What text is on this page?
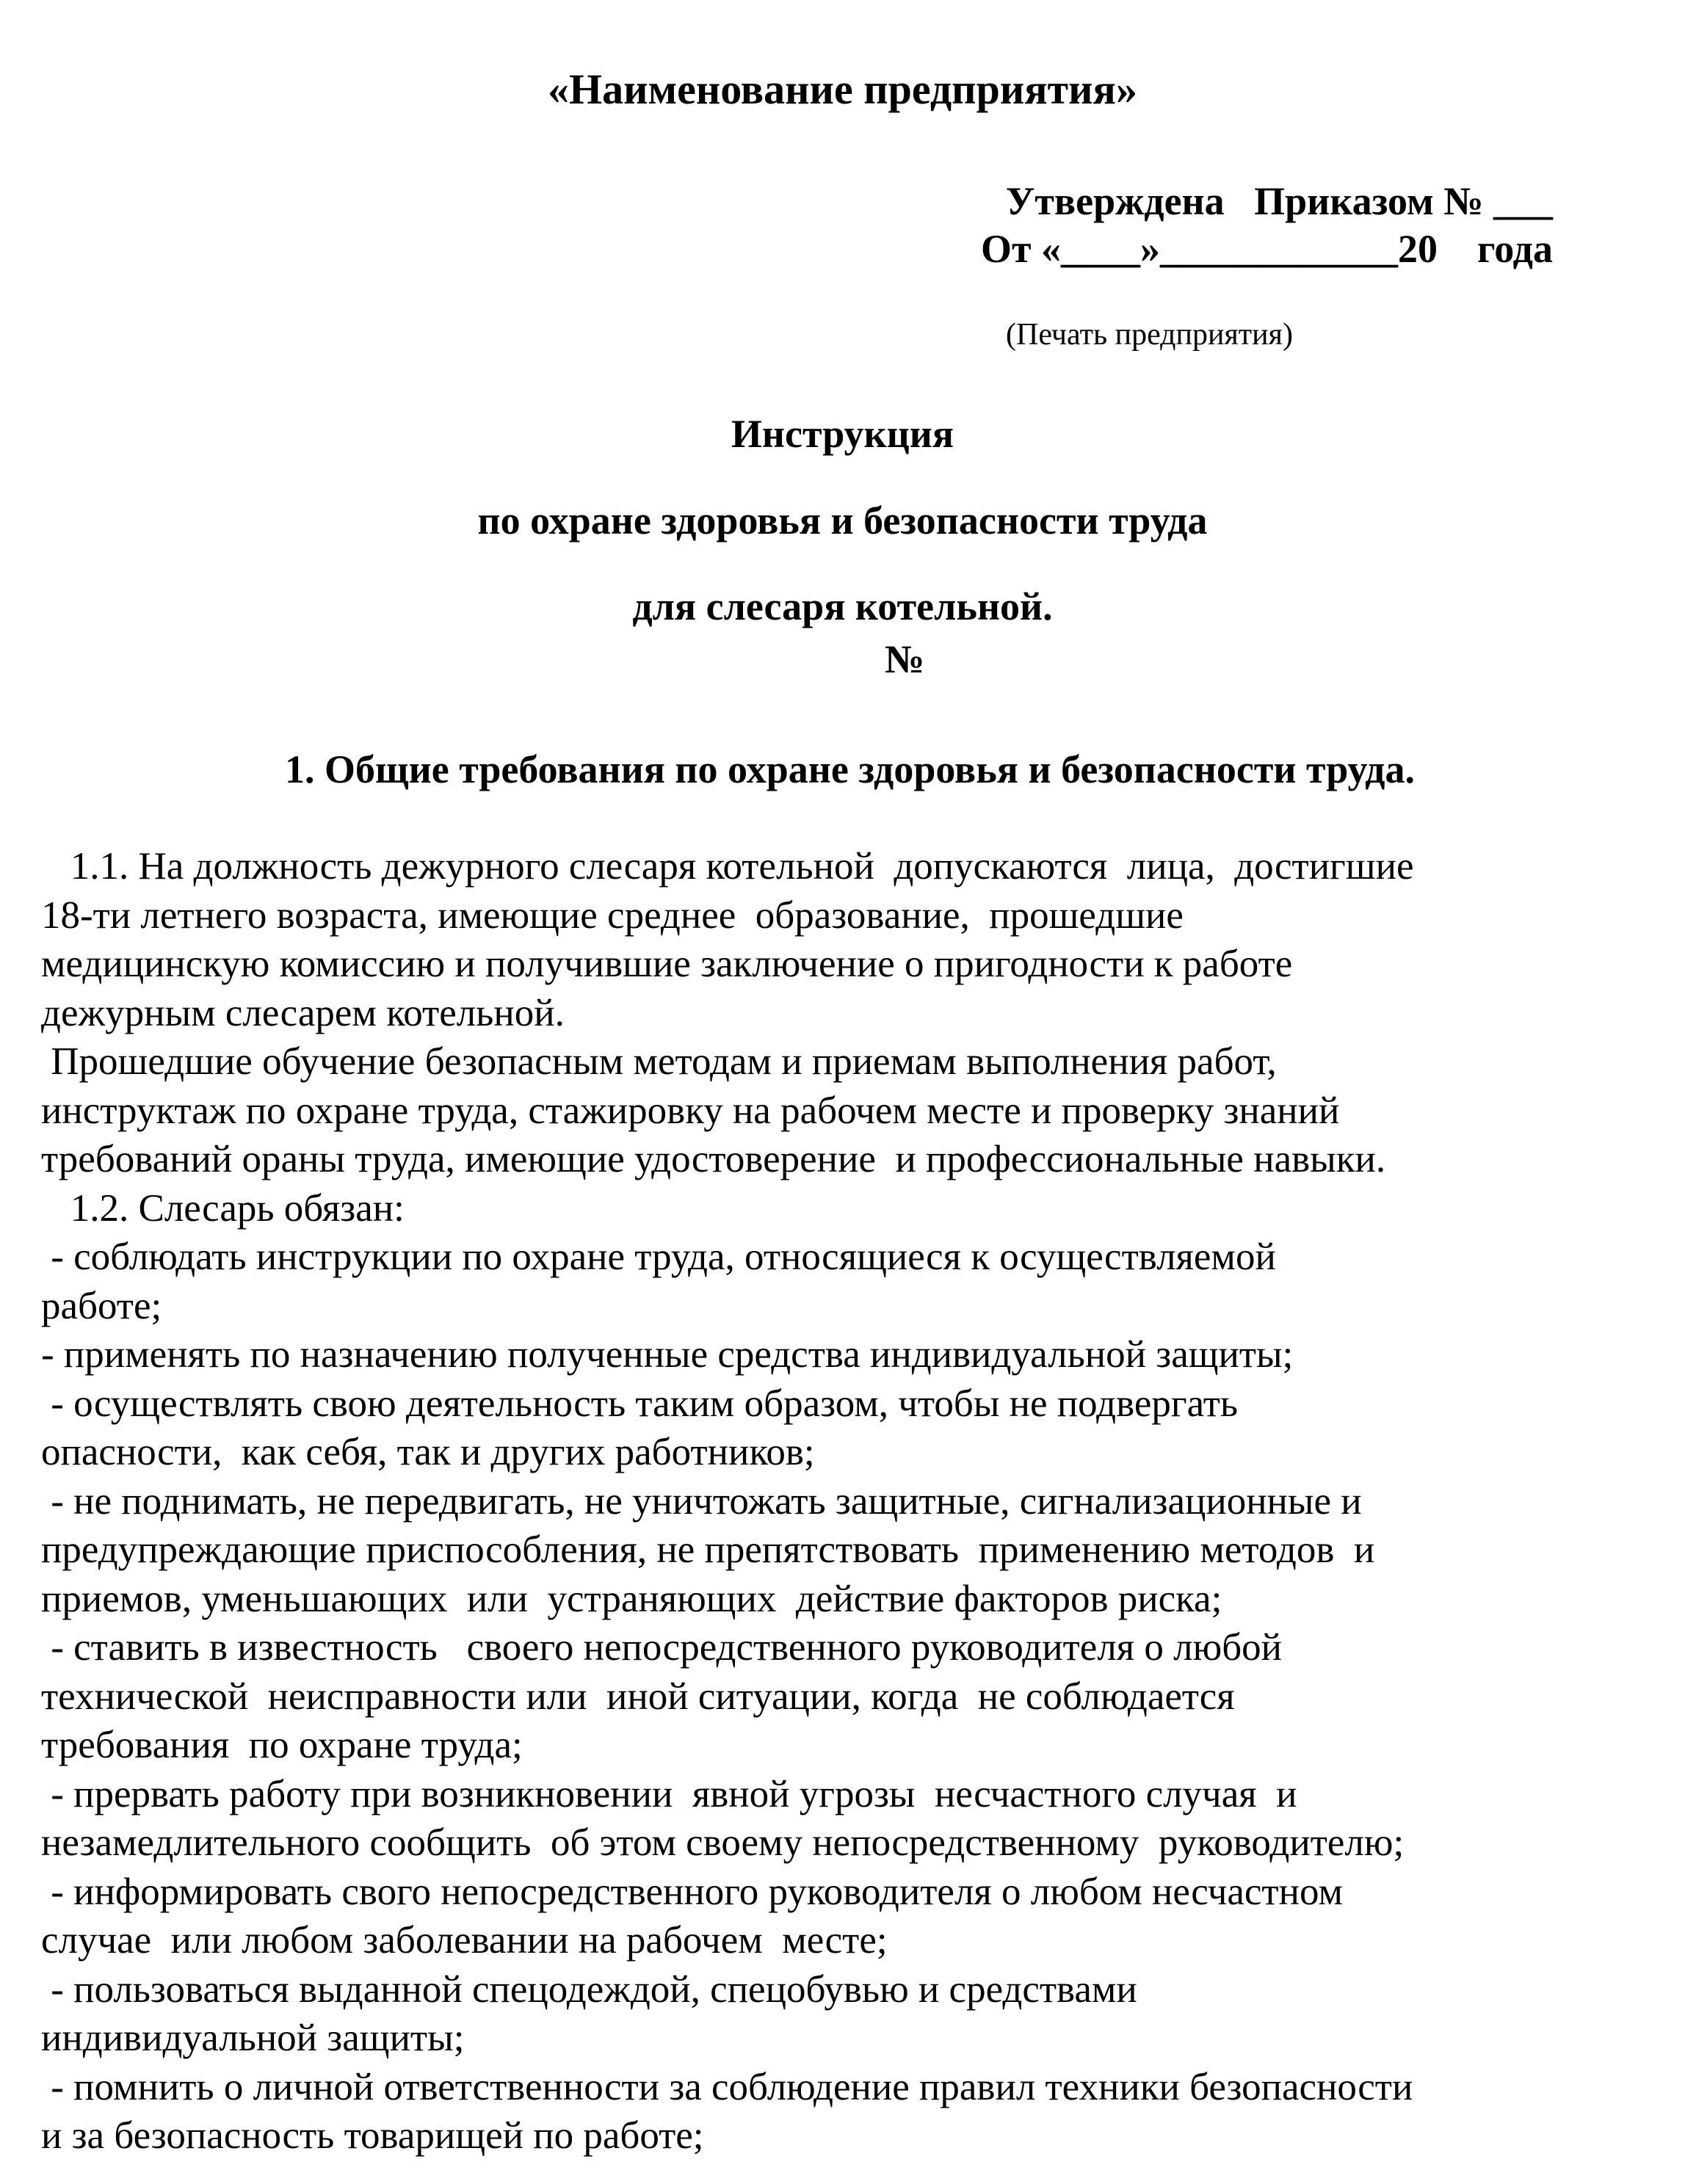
«Наименование предприятия»

Утверждена   Приказом № ___

От «____»____________20    года

(Печать предприятия)

Инструкция

по охране здоровья и безопасности труда

для слесаря котельной.

№

1. Общие требования по охране здоровья и безопасности труда.

1.1. На должность дежурного слесаря котельной  допускаются  лица,  достигшие
18-ти летнего возраста, имеющие среднее  образование,  прошедшие
медицинскую комиссию и получившие заключение о пригодности к работе
дежурным слесарем котельной.
Прошедшие обучение безопасным методам и приемам выполнения работ,
инструктаж по охране труда, стажировку на рабочем месте и проверку знаний
требований ораны труда, имеющие удостоверение  и профессиональные навыки.
1.2. Слесарь обязан:
- соблюдать инструкции по охране труда, относящиеся к осуществляемой
работе;
- применять по назначению полученные средства индивидуальной защиты;
- осуществлять свою деятельность таким образом, чтобы не подвергать
опасности,  как себя, так и других работников;
- не поднимать, не передвигать, не уничтожать защитные, сигнализационные и
предупреждающие приспособления, не препятствовать  применению методов  и
приемов, уменьшающих  или  устраняющих  действие факторов риска;
- ставить в известность   своего непосредственного руководителя о любой
технической  неисправности или  иной ситуации, когда  не соблюдается
требования  по охране труда;
- прервать работу при возникновении  явной угрозы  несчастного случая  и
незамедлительного сообщить  об этом своему непосредственному  руководителю;
- информировать свого непосредственного руководителя о любом несчастном
случае  или любом заболевании на рабочем  месте;
- пользоваться выданной спецодеждой, спецобувью и средствами
индивидуальной защиты;
- помнить о личной ответственности за соблюдение правил техники безопасности
и за безопасность товарищей по работе;
